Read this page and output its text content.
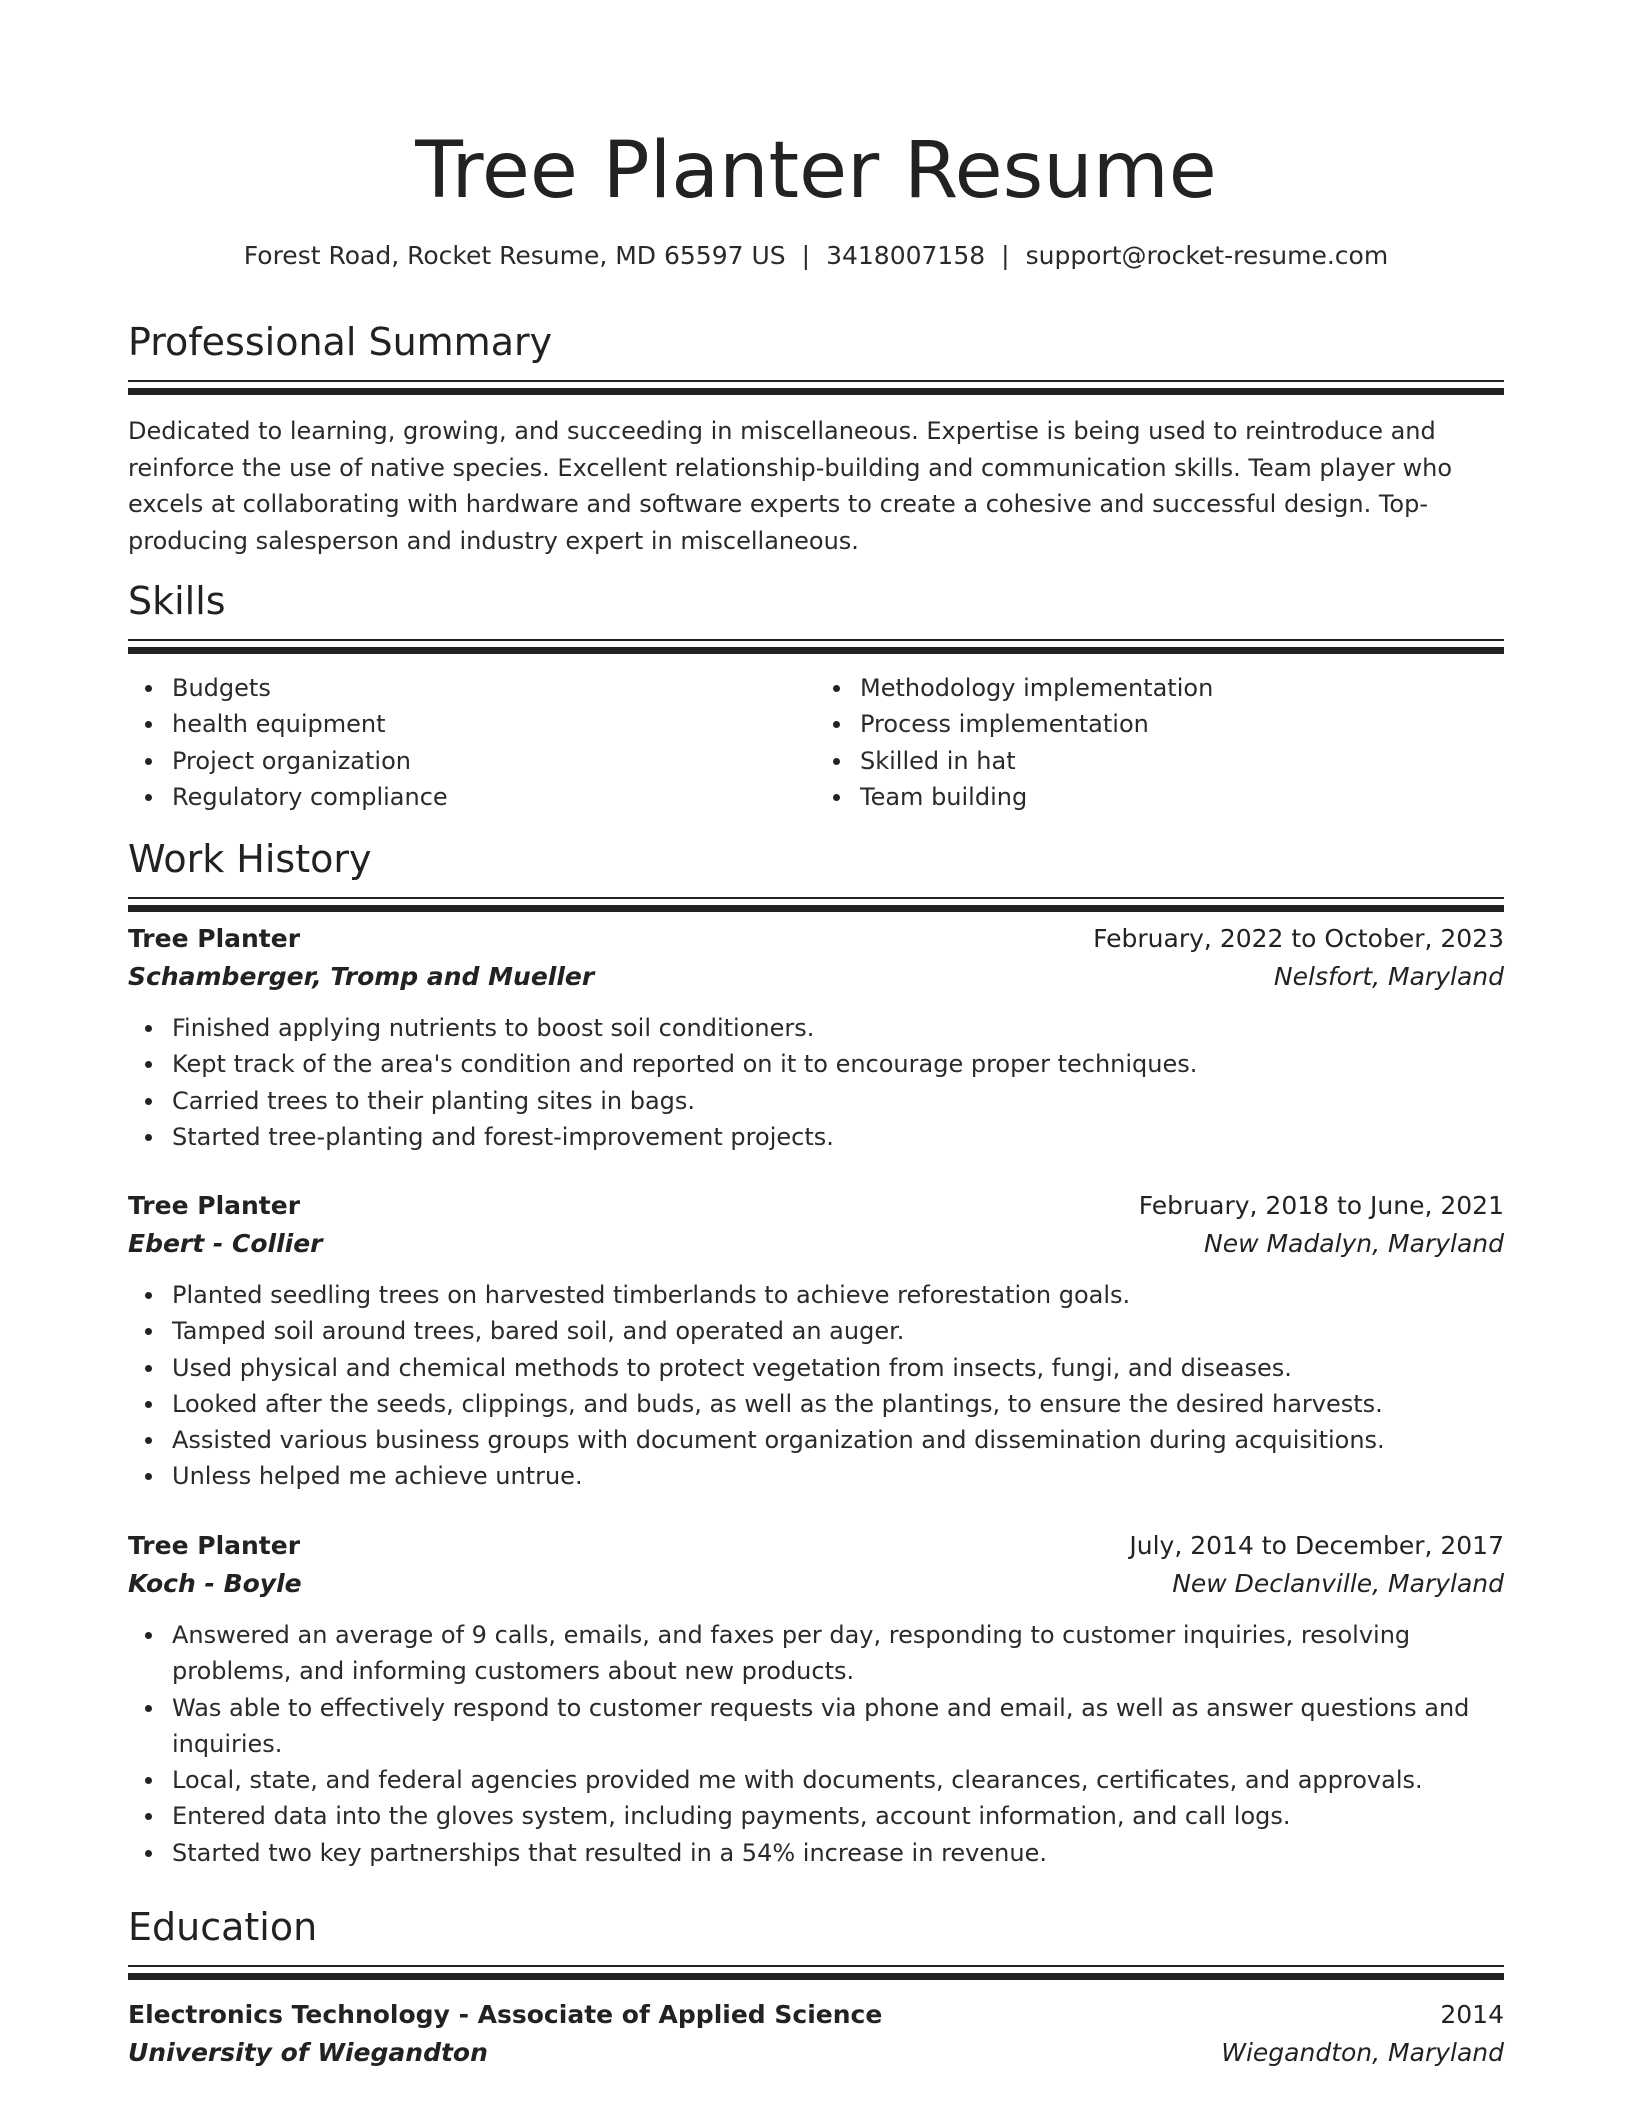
Tree Planter Resume
Forest Road, Rocket Resume, MD 65597 US | 3418007158 | support@rocket-resume.com
Professional Summary
Dedicated to learning, growing, and succeeding in miscellaneous. Expertise is being used to reintroduce and reinforce the use of native species. Excellent relationship-building and communication skills. Team player who excels at collaborating with hardware and software experts to create a cohesive and successful design. Top-producing salesperson and industry expert in miscellaneous.
Skills
Budgets
health equipment
Project organization
Regulatory compliance
Methodology implementation
Process implementation
Skilled in hat
Team building
Work History
Tree Planter	February, 2022 to October, 2023
Schamberger, Tromp and Mueller	Nelsfort, Maryland
Finished applying nutrients to boost soil conditioners.
Kept track of the area's condition and reported on it to encourage proper techniques.
Carried trees to their planting sites in bags.
Started tree-planting and forest-improvement projects.
Tree Planter	February, 2018 to June, 2021
Ebert - Collier	New Madalyn, Maryland
Planted seedling trees on harvested timberlands to achieve reforestation goals.
Tamped soil around trees, bared soil, and operated an auger.
Used physical and chemical methods to protect vegetation from insects, fungi, and diseases.
Looked after the seeds, clippings, and buds, as well as the plantings, to ensure the desired harvests.
Assisted various business groups with document organization and dissemination during acquisitions.
Unless helped me achieve untrue.
Tree Planter	July, 2014 to December, 2017
Koch - Boyle	New Declanville, Maryland
Answered an average of 9 calls, emails, and faxes per day, responding to customer inquiries, resolving problems, and informing customers about new products.
Was able to effectively respond to customer requests via phone and email, as well as answer questions and inquiries.
Local, state, and federal agencies provided me with documents, clearances, certificates, and approvals.
Entered data into the gloves system, including payments, account information, and call logs.
Started two key partnerships that resulted in a 54% increase in revenue.
Education
Electronics Technology - Associate of Applied Science	2014
University of Wiegandton	Wiegandton, Maryland
